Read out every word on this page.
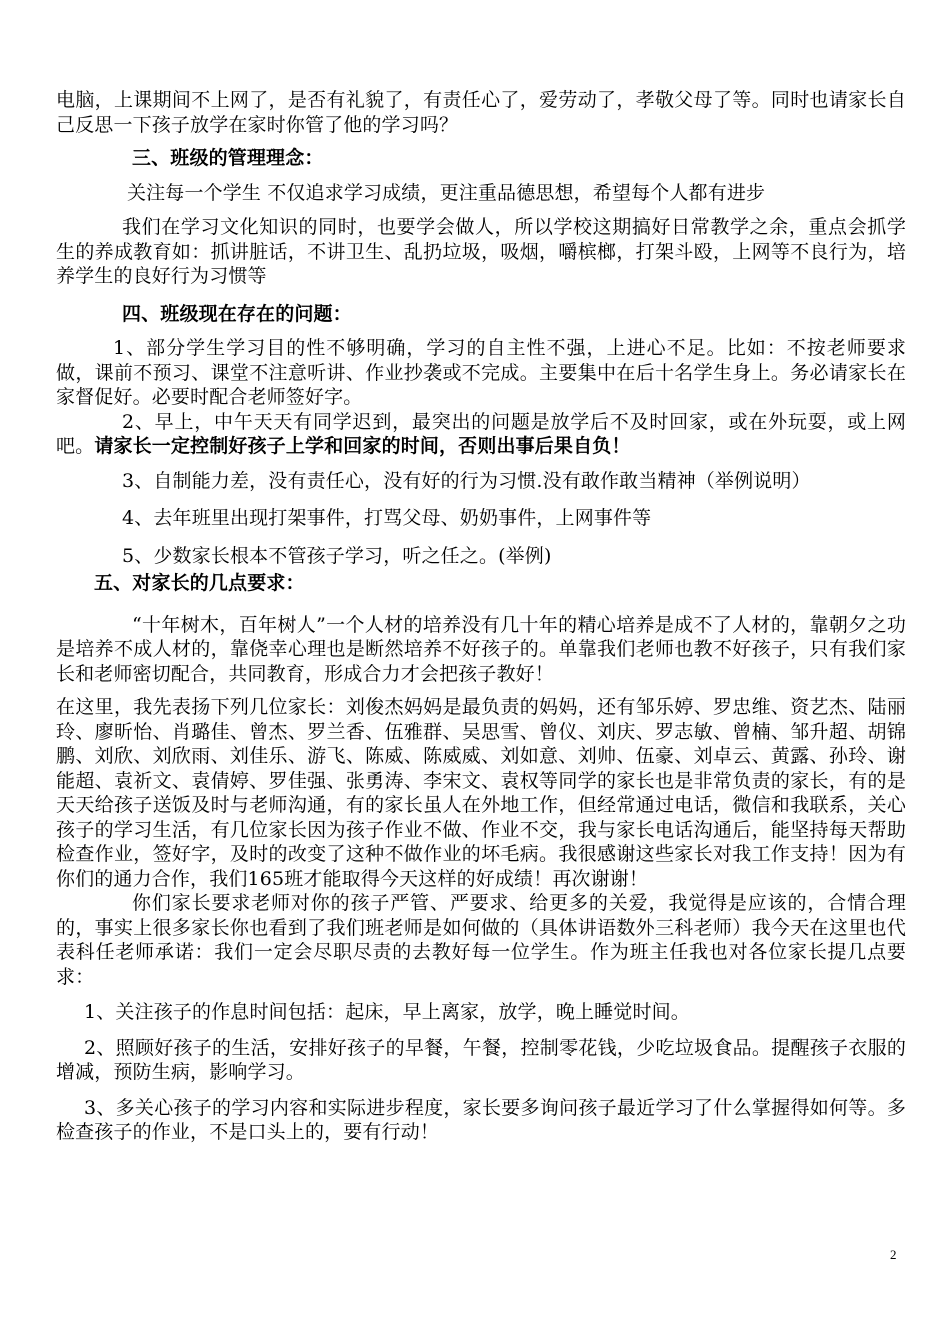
电脑，上课期间不上网了，是否有礼貌了，有责任心了，爱劳动了，孝敬父母了等。同时也请家长自己反思一下孩子放学在家时你管了他的学习吗？

三、班级的管理理念：

关注每一个学生 不仅追求学习成绩，更注重品德思想，希望每个人都有进步

我们在学习文化知识的同时，也要学会做人，所以学校这期搞好日常教学之余，重点会抓学生的养成教育如：抓讲脏话，不讲卫生、乱扔垃圾，吸烟，嚼槟榔，打架斗殴，上网等不良行为，培养学生的良好行为习惯等

四、班级现在存在的问题：

1、部分学生学习目的性不够明确，学习的自主性不强，上进心不足。比如：不按老师要求做，课前不预习、课堂不注意听讲、作业抄袭或不完成。主要集中在后十名学生身上。务必请家长在家督促好。必要时配合老师签好字。

2、早上，中午天天有同学迟到，最突出的问题是放学后不及时回家，或在外玩耍，或上网吧。请家长一定控制好孩子上学和回家的时间，否则出事后果自负！

3、自制能力差，没有责任心，没有好的行为习惯.没有敢作敢当精神（举例说明）

4、去年班里出现打架事件，打骂父母、奶奶事件，上网事件等

5、少数家长根本不管孩子学习，听之任之。(举例)

五、对家长的几点要求：

“十年树木，百年树人”一个人材的培养没有几十年的精心培养是成不了人材的，靠朝夕之功是培养不成人材的，靠侥幸心理也是断然培养不好孩子的。单靠我们老师也教不好孩子，只有我们家长和老师密切配合，共同教育，形成合力才会把孩子教好！

在这里，我先表扬下列几位家长：刘俊杰妈妈是最负责的妈妈，还有邹乐婷、罗忠维、资艺杰、陆丽玲、廖昕怡、肖璐佳、曾杰、罗兰香、伍雅群、吴思雪、曾仪、刘庆、罗志敏、曾楠、邹升超、胡锦鹏、刘欣、刘欣雨、刘佳乐、游飞、陈威、陈威威、刘如意、刘帅、伍豪、刘卓云、黄露、孙玲、谢能超、袁祈文、袁倩婷、罗佳强、张勇涛、李宋文、袁权等同学的家长也是非常负责的家长，有的是天天给孩子送饭及时与老师沟通，有的家长虽人在外地工作，但经常通过电话，微信和我联系，关心孩子的学习生活，有几位家长因为孩子作业不做、作业不交，我与家长电话沟通后，能坚持每天帮助检查作业，签好字，及时的改变了这种不做作业的坏毛病。我很感谢这些家长对我工作支持！因为有你们的通力合作，我们165班才能取得今天这样的好成绩！再次谢谢！

你们家长要求老师对你的孩子严管、严要求、给更多的关爱，我觉得是应该的，合情合理的，事实上很多家长你也看到了我们班老师是如何做的（具体讲语数外三科老师）我今天在这里也代表科任老师承诺：我们一定会尽职尽责的去教好每一位学生。作为班主任我也对各位家长提几点要求：

1、关注孩子的作息时间包括：起床，早上离家，放学，晚上睡觉时间。

2、照顾好孩子的生活，安排好孩子的早餐，午餐，控制零花钱，少吃垃圾食品。提醒孩子衣服的增减，预防生病，影响学习。

3、多关心孩子的学习内容和实际进步程度，家长要多询问孩子最近学习了什么掌握得如何等。多检查孩子的作业，不是口头上的，要有行动！

2
